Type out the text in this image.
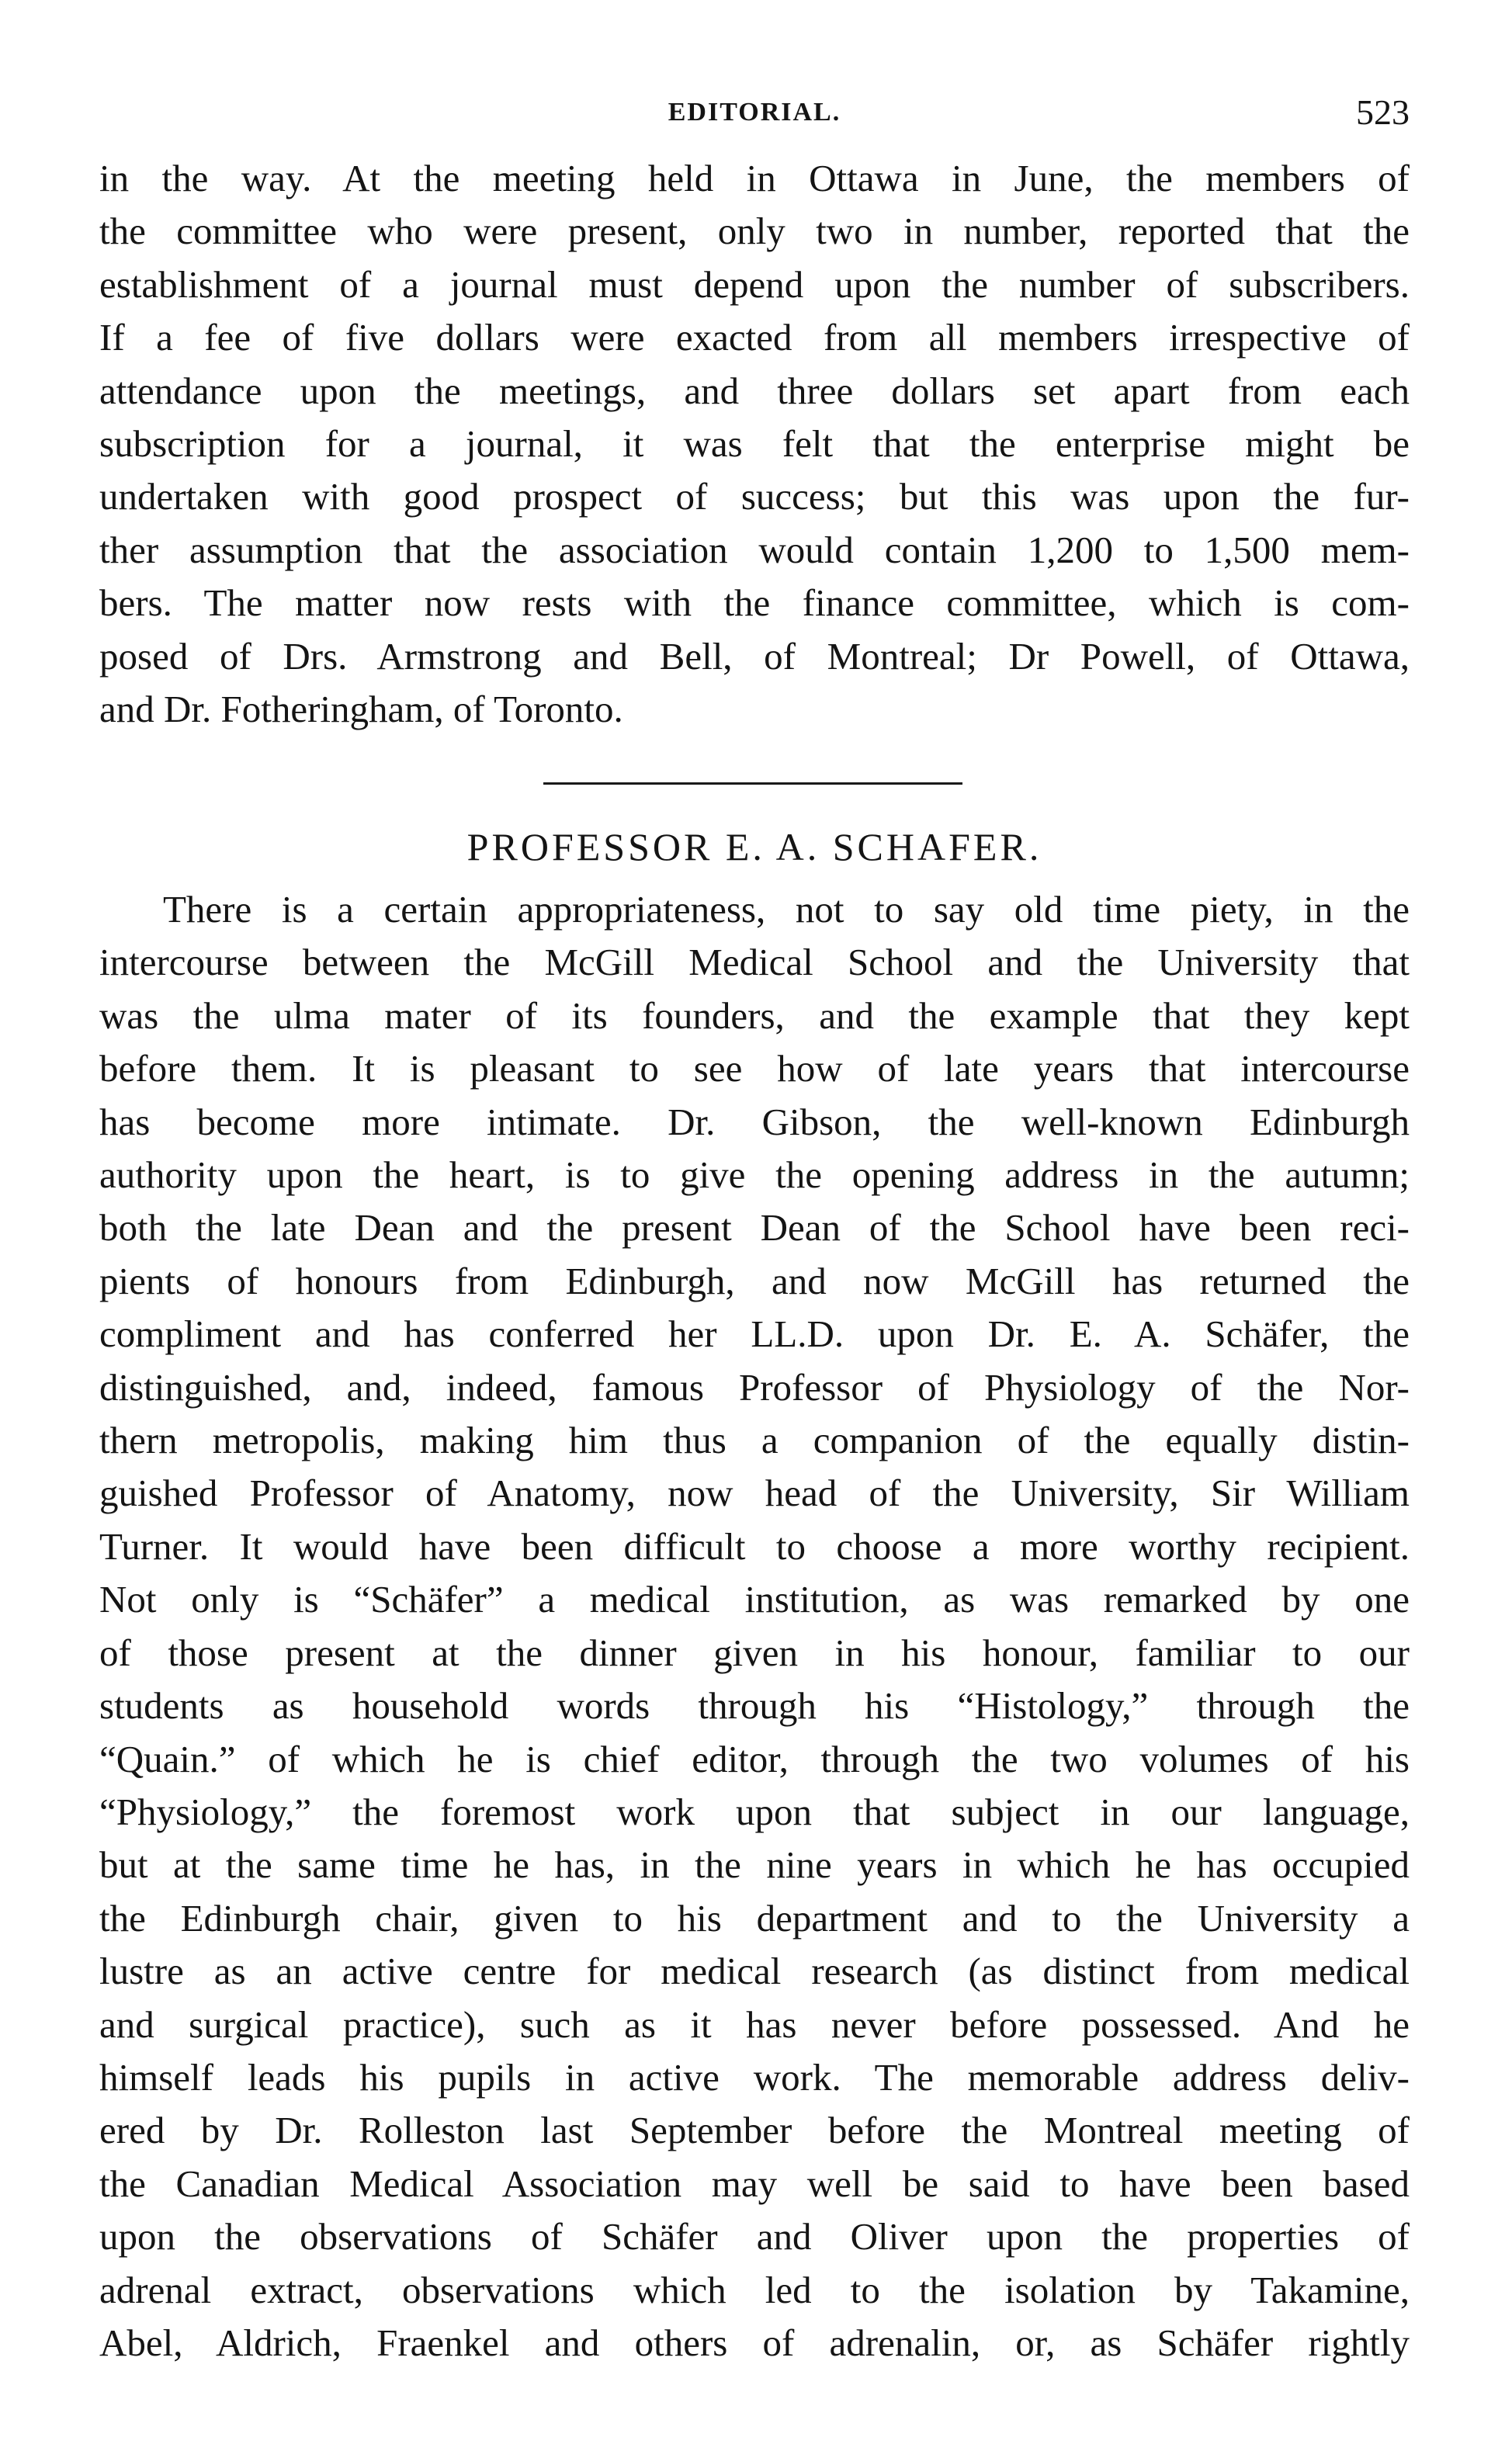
EDITORIAL.	523

in the way. At the meeting held in Ottawa in June, the members of
the committee who were present, only two in number, reported that the
establishment of a journal must depend upon the number of subscribers.
If a fee of five dollars were exacted from all members irrespective of
attendance upon the meetings, and three dollars set apart from each
subscription for a journal, it was felt that the enterprise might be
undertaken with good prospect of success; but this was upon the fur-
ther assumption that the association would contain 1,200 to 1,500 mem-
bers. The matter now rests with the finance committee, which is com-
posed of Drs. Armstrong and Bell, of Montreal; Dr Powell, of Ottawa,
and Dr. Fotheringham, of Toronto.

PROFESSOR E. A. SCHAFER.

There is a certain appropriateness, not to say old time piety, in the
intercourse between the McGill Medical School and the University that
was the ulma mater of its founders, and the example that they kept
before them. It is pleasant to see how of late years that intercourse
has become more intimate. Dr. Gibson, the well-known Edinburgh
authority upon the heart, is to give the opening address in the autumn;
both the late Dean and the present Dean of the School have been reci-
pients of honours from Edinburgh, and now McGill has returned the
compliment and has conferred her LL.D. upon Dr. E. A. Schäfer, the
distinguished, and, indeed, famous Professor of Physiology of the Nor-
thern metropolis, making him thus a companion of the equally distin-
guished Professor of Anatomy, now head of the University, Sir William
Turner. It would have been difficult to choose a more worthy recipient.
Not only is “Schäfer” a medical institution, as was remarked by one
of those present at the dinner given in his honour, familiar to our
students as household words through his “Histology,” through the
“Quain.” of which he is chief editor, through the two volumes of his
“Physiology,” the foremost work upon that subject in our language,
but at the same time he has, in the nine years in which he has occupied
the Edinburgh chair, given to his department and to the University a
lustre as an active centre for medical research (as distinct from medical
and surgical practice), such as it has never before possessed. And he
himself leads his pupils in active work. The memorable address deliv-
ered by Dr. Rolleston last September before the Montreal meeting of
the Canadian Medical Association may well be said to have been based
upon the observations of Schäfer and Oliver upon the properties of
adrenal extract, observations which led to the isolation by Takamine,
Abel, Aldrich, Fraenkel and others of adrenalin, or, as Schäfer rightly
